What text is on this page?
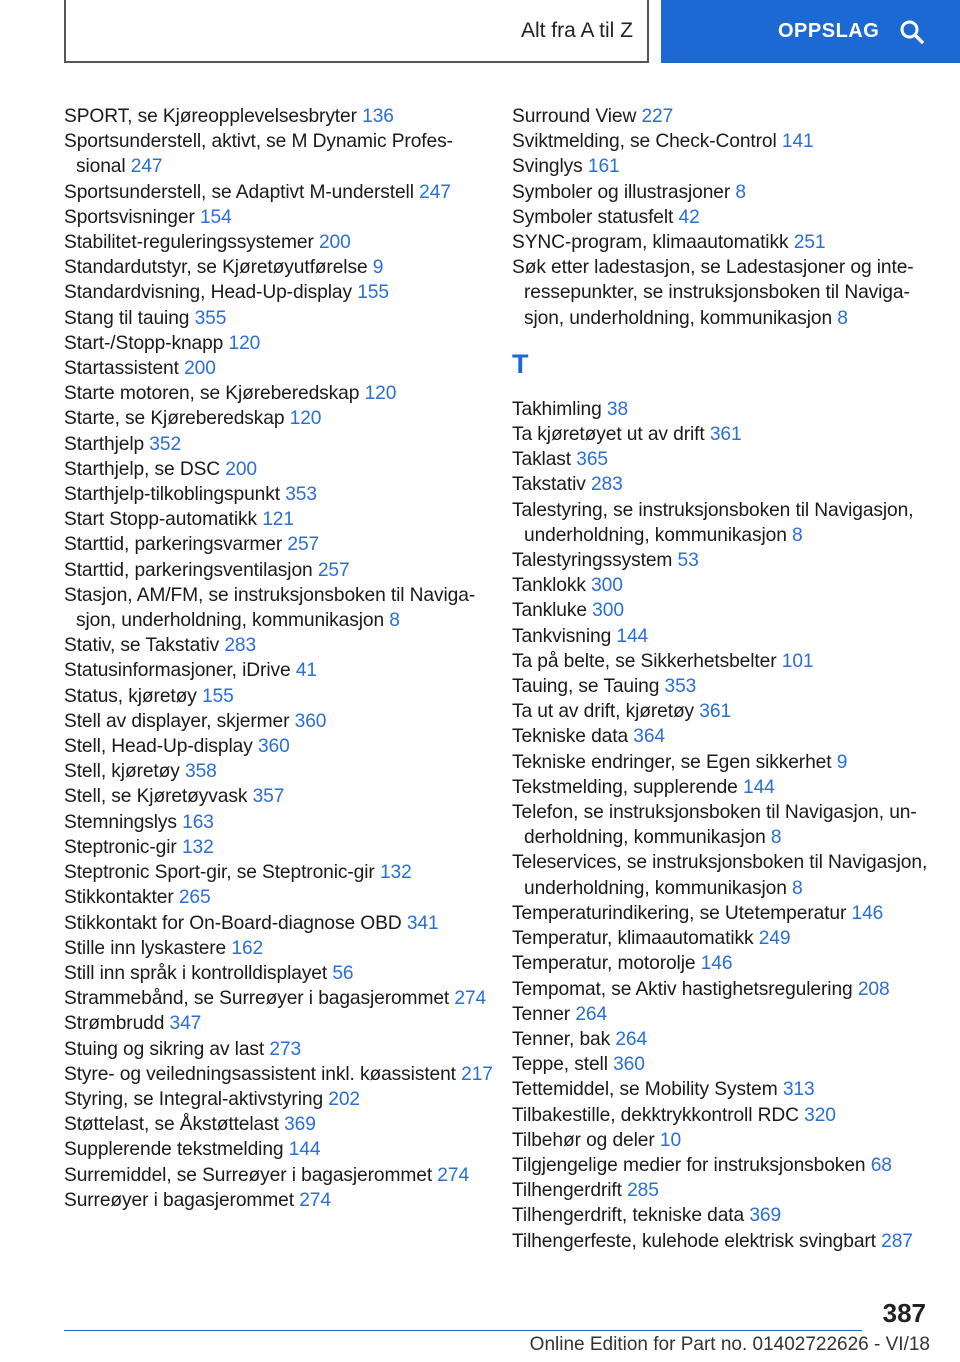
Alt fra A til Z	OPPSLAG
SPORT, se Kjøreopplevelsesbryter 136
Sportsunderstell, aktivt, se M Dynamic Professional 247
Sportsunderstell, se Adaptivt M-understell 247
Sportsvisninger 154
Stabilitet-reguleringssystemer 200
Standardutstyr, se Kjøretøyutførelse 9
Standardvisning, Head-Up-display 155
Stang til tauing 355
Start-/Stopp-knapp 120
Startassistent 200
Starte motoren, se Kjøreberedskap 120
Starte, se Kjøreberedskap 120
Starthjelp 352
Starthjelp, se DSC 200
Starthjelp-tilkoblingspunkt 353
Start Stopp-automatikk 121
Starttid, parkeringsvarmer 257
Starttid, parkeringsventilasjon 257
Stasjon, AM/FM, se instruksjonsboken til Navigasjon, underholdning, kommunikasjon 8
Stativ, se Takstativ 283
Statusinformasjoner, iDrive 41
Status, kjøretøy 155
Stell av displayer, skjermer 360
Stell, Head-Up-display 360
Stell, kjøretøy 358
Stell, se Kjøretøyvask 357
Stemningslys 163
Steptronic-gir 132
Steptronic Sport-gir, se Steptronic-gir 132
Stikkontakter 265
Stikkontakt for On-Board-diagnose OBD 341
Stille inn lyskastere 162
Still inn språk i kontrolldisplayet 56
Strammebånd, se Surreøyer i bagasjerommet 274
Strømbrudd 347
Stuing og sikring av last 273
Styre- og veiledningsassistent inkl. køassistent 217
Styring, se Integral-aktivstyring 202
Støttelast, se Åkstøttelast 369
Supplerende tekstmelding 144
Surremiddel, se Surreøyer i bagasjerommet 274
Surreøyer i bagasjerommet 274
Surround View 227
Sviktmelding, se Check-Control 141
Svinglys 161
Symboler og illustrasjoner 8
Symboler statusfelt 42
SYNC-program, klimaautomatikk 251
Søk etter ladestasjon, se Ladestasjoner og interessepunkter, se instruksjonsboken til Navigasjon, underholdning, kommunikasjon 8
T
Takhimling 38
Ta kjøretøyet ut av drift 361
Taklast 365
Takstativ 283
Talestyring, se instruksjonsboken til Navigasjon, underholdning, kommunikasjon 8
Talestyringssystem 53
Tanklokk 300
Tankluke 300
Tankvisning 144
Ta på belte, se Sikkerhetsbelter 101
Tauing, se Tauing 353
Ta ut av drift, kjøretøy 361
Tekniske data 364
Tekniske endringer, se Egen sikkerhet 9
Tekstmelding, supplerende 144
Telefon, se instruksjonsboken til Navigasjon, underholdning, kommunikasjon 8
Teleservices, se instruksjonsboken til Navigasjon, underholdning, kommunikasjon 8
Temperaturindikering, se Utetemperatur 146
Temperatur, klimaautomatikk 249
Temperatur, motorolje 146
Tempomat, se Aktiv hastighetsregulering 208
Tenner 264
Tenner, bak 264
Teppe, stell 360
Tettemiddel, se Mobility System 313
Tilbakestille, dekktrykkontroll RDC 320
Tilbehør og deler 10
Tilgjengelige medier for instruksjonsboken 68
Tilhengerdrift 285
Tilhengerdrift, tekniske data 369
Tilhengerfeste, kulehode elektrisk svingbart 287
387
Online Edition for Part no. 01402722626 - VI/18
